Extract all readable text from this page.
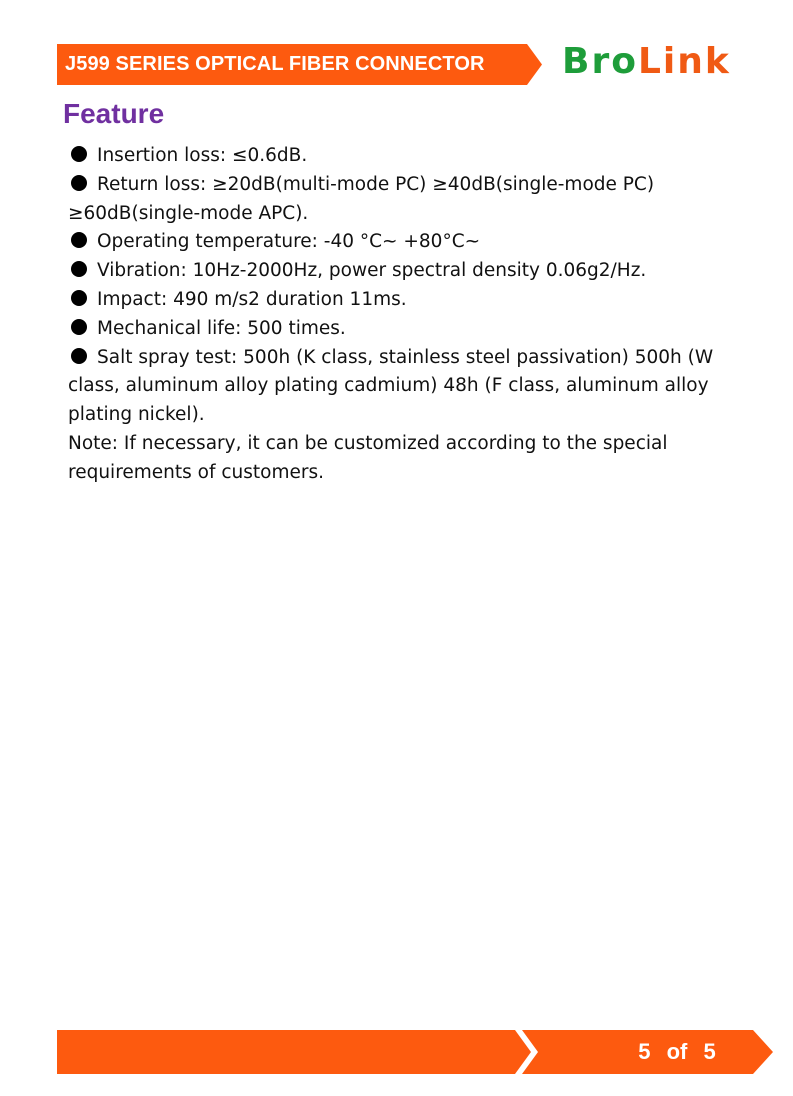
J599 SERIES OPTICAL FIBER CONNECTOR BroLink
Feature

Insertion loss: ≤0.6dB.

Return loss: ≥20dB(multi-mode PC) ≥40dB(single-mode PC) ≥60dB(single-mode APC).

Operating temperature: -40 °C~ +80°C~

Vibration: 10Hz-2000Hz, power spectral density 0.06g2/Hz.

Impact: 490 m/s2 duration 11ms.

Mechanical life: 500 times.

Salt spray test: 500h (K class, stainless steel passivation) 500h (W class, aluminum alloy plating cadmium) 48h (F class, aluminum alloy plating nickel).

Note: If necessary, it can be customized according to the special requirements of customers.

5 of 5
